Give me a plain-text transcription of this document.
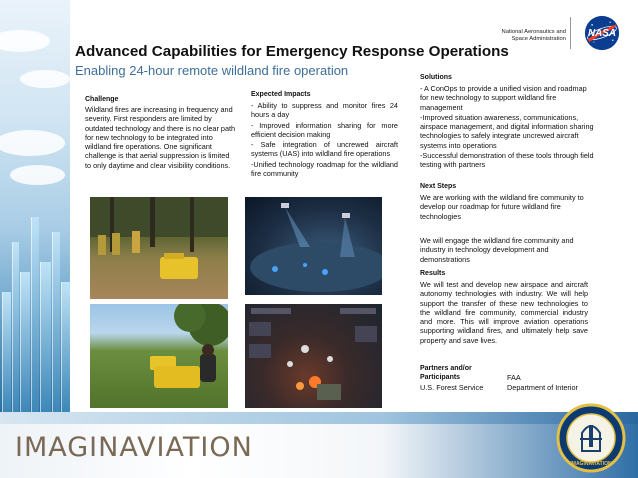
Advanced Capabilities for Emergency Response Operations
Enabling 24-hour remote wildland fire operation
National Aeronautics and
Space Administration NASA
Challenge
Wildland fires are increasing in frequency and severity. First responders are limited by outdated technology and there is no clear path for new technology to be integrated into wildland fire operations. One significant challenge is that aerial suppression is limited to only daytime and clear visibility conditions.
Expected Impacts

- Ability to suppress and monitor fires 24 hours a day

- Improved information sharing for more efficient decision making

- Safe integration of uncrewed aircraft systems (UAS) into wildland fire operations

-Unified technology roadmap for the wildland fire community

Solutions

- A ConOps to provide a unified vision and roadmap for new technology to support wildland fire management

-Improved situation awareness, communications, airspace management, and digital information sharing technologies to safely integrate uncrewed aircraft systems into operations

-Successful demonstration of these tools through field testing with partners

Next Steps
We are working with the wildland fire community to develop our roadmap for future wildland fire technologies
We will engage the wildland fire community and industry in technology development and demonstrations
Results
We will test and develop new airspace and aircraft autonomy technologies with industry. We will help support the transfer of these new technologies to the wildland fire community, commercial industry and more. This will improve aviation operations supporting wildland fires, and ultimately help save property and save lives.
Partners and/or
Participants
U.S. Forest Service
FAA
Department of Interior
IMAGINAVIATION
IMAGINAVIATION
